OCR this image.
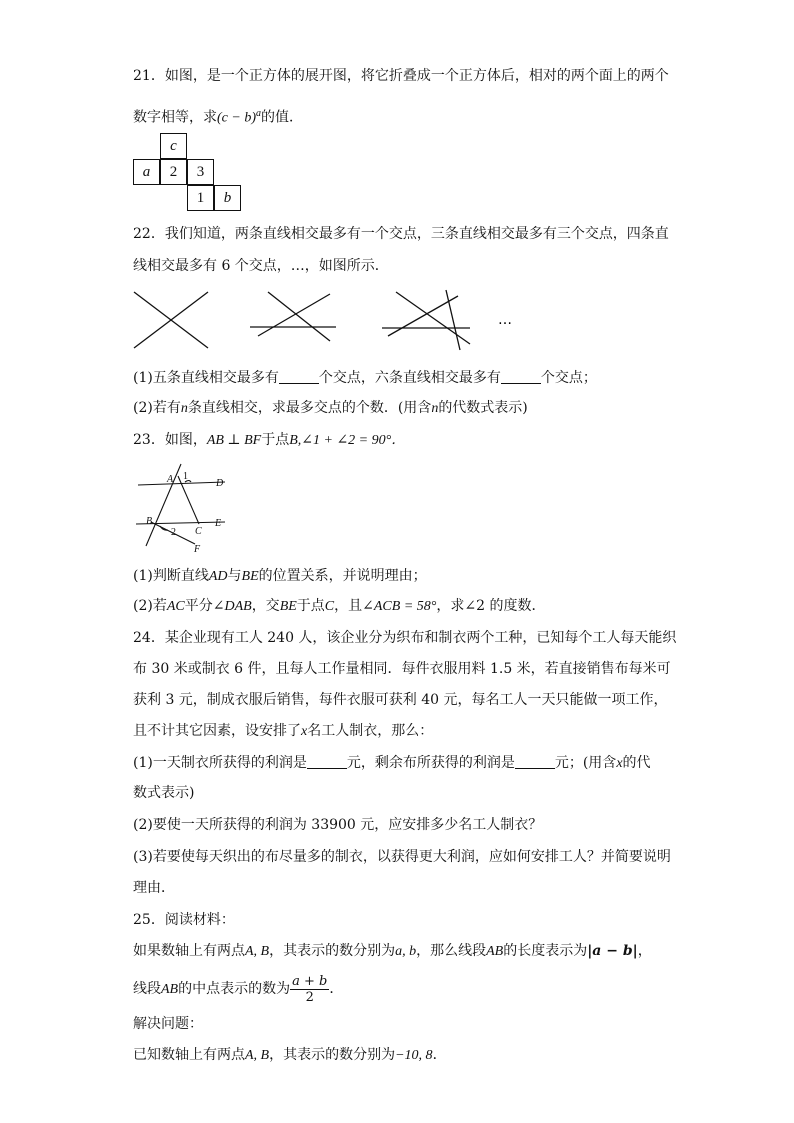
21．如图，是一个正方体的展开图，将它折叠成一个正方体后，相对的两个面上的两个
数字相等，求$(c - b)^a$的值．
c
a	2	3
1	b
22．我们知道，两条直线相交最多有一个交点，三条直线相交最多有三个交点，四条直
线相交最多有 6 个交点，…，如图所示．
…
(1)五条直线相交最多有	个交点，六条直线相交最多有	个交点；
(2)若有n条直线相交，求最多交点的个数．(用含n的代数式表示)
23．如图，AB ⊥ BF于点B,∠1 + ∠2 = 90°．
A 1
D
B
2 C
E
F
(1)判断直线AD与BE的位置关系，并说明理由；
(2)若AC平分∠DAB，交BE于点C，且∠ACB = 58°，求∠2 的度数．
24．某企业现有工人 240 人，该企业分为织布和制衣两个工种，已知每个工人每天能织
布 30 米或制衣 6 件，且每人工作量相同．每件衣服用料 1.5 米，若直接销售布每米可
获利 3 元，制成衣服后销售，每件衣服可获利 40 元，每名工人一天只能做一项工作，
且不计其它因素，设安排了x名工人制衣，那么：
(1)一天制衣所获得的利润是	元，剩余布所获得的利润是	元；(用含x的代
数式表示)
(2)要使一天所获得的利润为 33900 元，应安排多少名工人制衣？
(3)若要使每天织出的布尽量多的制衣，以获得更大利润，应如何安排工人？并简要说明
理由．
25．阅读材料：
如果数轴上有两点A, B，其表示的数分别为a, b，那么线段AB的长度表示为|a − b|，
线段AB的中点表示的数为 $\frac{a + b}{2}$ ．
解决问题：
已知数轴上有两点A, B，其表示的数分别为−10, 8．
